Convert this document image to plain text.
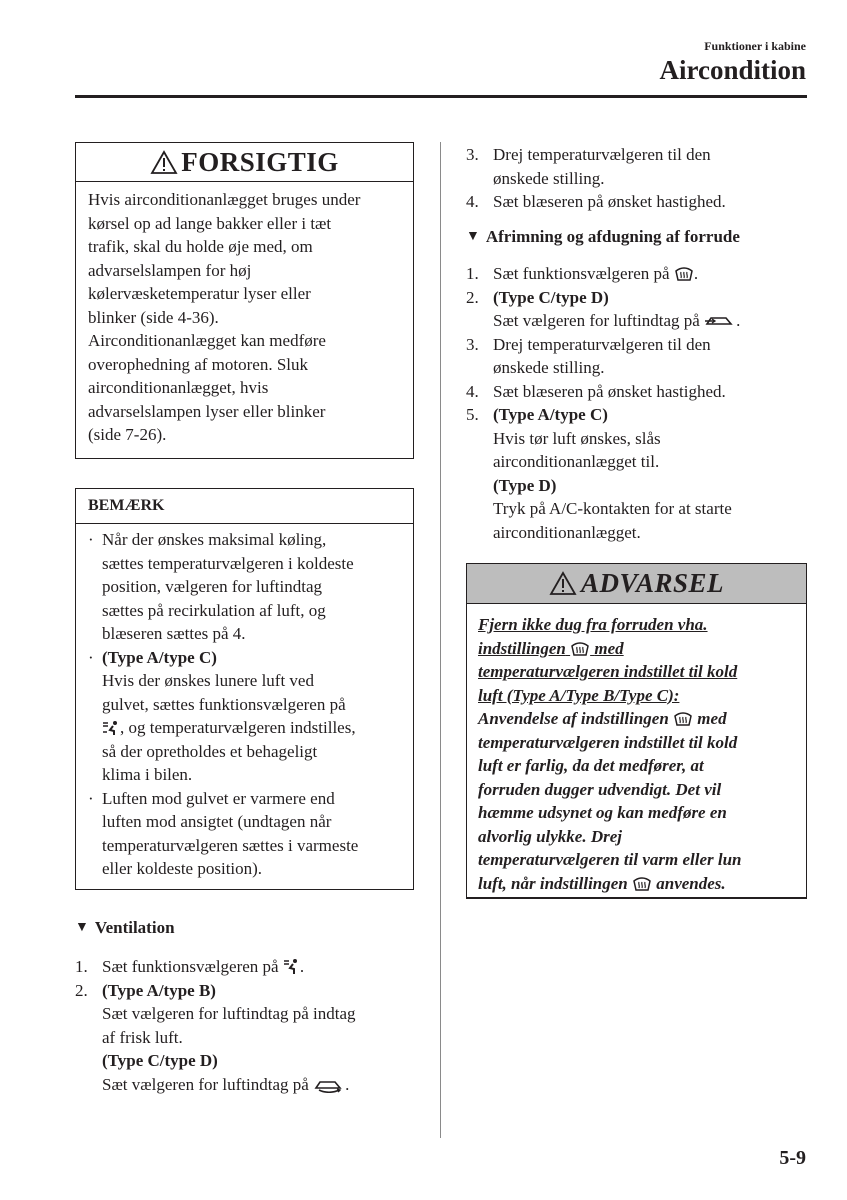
Funktioner i kabine
Aircondition
FORSIGTIG
Hvis airconditionanlægget bruges under
kørsel op ad lange bakker eller i tæt
trafik, skal du holde øje med, om
advarselslampen for høj
kølervæsketemperatur lyser eller
blinker (side 4-36).
Airconditionanlægget kan medføre
overophedning af motoren. Sluk
airconditionanlægget, hvis
advarselslampen lyser eller blinker
(side 7-26).
BEMÆRK
· Når der ønskes maksimal køling,
sættes temperaturvælgeren i koldeste
position, vælgeren for luftindtag
sættes på recirkulation af luft, og
blæseren sættes på 4.
· (Type A/type C)
Hvis der ønskes lunere luft ved
gulvet, sættes funktionsvælgeren på
, og temperaturvælgeren indstilles,
så der opretholdes et behageligt
klima i bilen.
· Luften mod gulvet er varmere end
luften mod ansigtet (undtagen når
temperaturvælgeren sættes i varmeste
eller koldeste position).
▼ Ventilation
1. Sæt funktionsvælgeren på .
2. (Type A/type B)
Sæt vælgeren for luftindtag på indtag
af frisk luft.
(Type C/type D)
Sæt vælgeren for luftindtag på .
3. Drej temperaturvælgeren til den
ønskede stilling.
4. Sæt blæseren på ønsket hastighed.
▼ Afrimning og afdugning af forrude
1. Sæt funktionsvælgeren på .
2. (Type C/type D)
Sæt vælgeren for luftindtag på .
3. Drej temperaturvælgeren til den
ønskede stilling.
4. Sæt blæseren på ønsket hastighed.
5. (Type A/type C)
Hvis tør luft ønskes, slås
airconditionanlægget til.
(Type D)
Tryk på A/C-kontakten for at starte
airconditionanlægget.
ADVARSEL
Fjern ikke dug fra forruden vha.
indstillingen med
temperaturvælgeren indstillet til kold
luft (Type A/Type B/Type C):
Anvendelse af indstillingen med
temperaturvælgeren indstillet til kold
luft er farlig, da det medfører, at
forruden dugger udvendigt. Det vil
hæmme udsynet og kan medføre en
alvorlig ulykke. Drej
temperaturvælgeren til varm eller lun
luft, når indstillingen anvendes.
5-9
